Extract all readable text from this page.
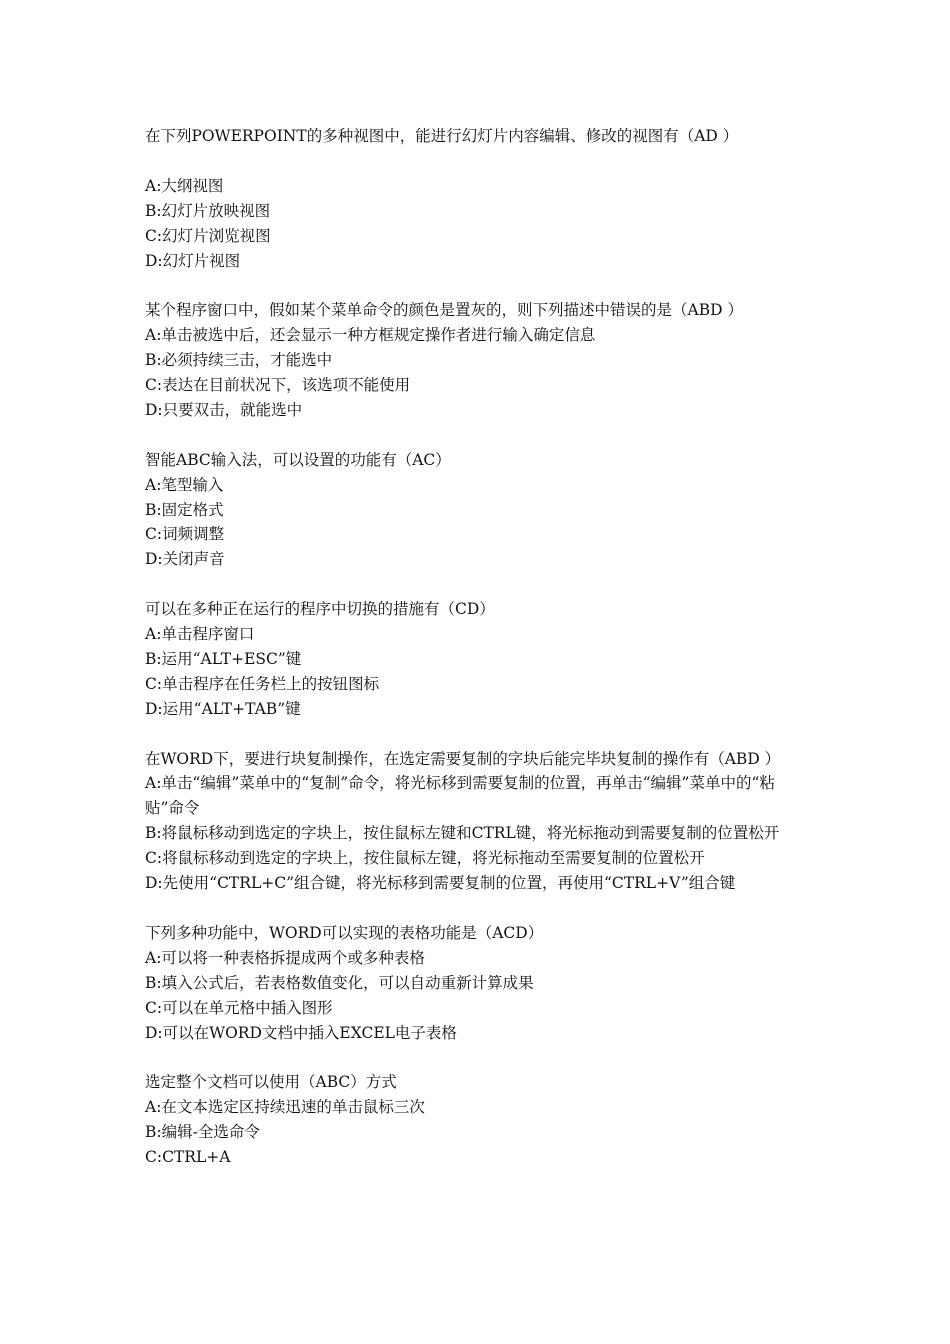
在下列POWERPOINT的多种视图中，能进行幻灯片内容编辑、修改的视图有（AD ）
A:大纲视图
B:幻灯片放映视图
C:幻灯片浏览视图
D:幻灯片视图
某个程序窗口中，假如某个菜单命令的颜色是置灰的，则下列描述中错误的是（ABD ）
A:单击被选中后，还会显示一种方框规定操作者进行输入确定信息
B:必须持续三击，才能选中
C:表达在目前状况下，该选项不能使用
D:只要双击，就能选中
智能ABC输入法，可以设置的功能有（AC）
A:笔型输入
B:固定格式
C:词频调整
D:关闭声音
可以在多种正在运行的程序中切换的措施有（CD）
A:单击程序窗口
B:运用“ALT+ESC”键
C:单击程序在任务栏上的按钮图标
D:运用“ALT+TAB”键
在WORD下，要进行块复制操作，在选定需要复制的字块后能完毕块复制的操作有（ABD ）
A:单击“编辑”菜单中的“复制”命令，将光标移到需要复制的位置，再单击“编辑”菜单中的“粘贴”命令
B:将鼠标移动到选定的字块上，按住鼠标左键和CTRL键，将光标拖动到需要复制的位置松开
C:将鼠标移动到选定的字块上，按住鼠标左键，将光标拖动至需要复制的位置松开
D:先使用“CTRL+C”组合键，将光标移到需要复制的位置，再使用“CTRL+V”组合键
下列多种功能中，WORD可以实现的表格功能是（ACD）
A:可以将一种表格拆提成两个或多种表格
B:填入公式后，若表格数值变化，可以自动重新计算成果
C:可以在单元格中插入图形
D:可以在WORD文档中插入EXCEL电子表格
选定整个文档可以使用（ABC）方式
A:在文本选定区持续迅速的单击鼠标三次
B:编辑-全选命令
C:CTRL+A
